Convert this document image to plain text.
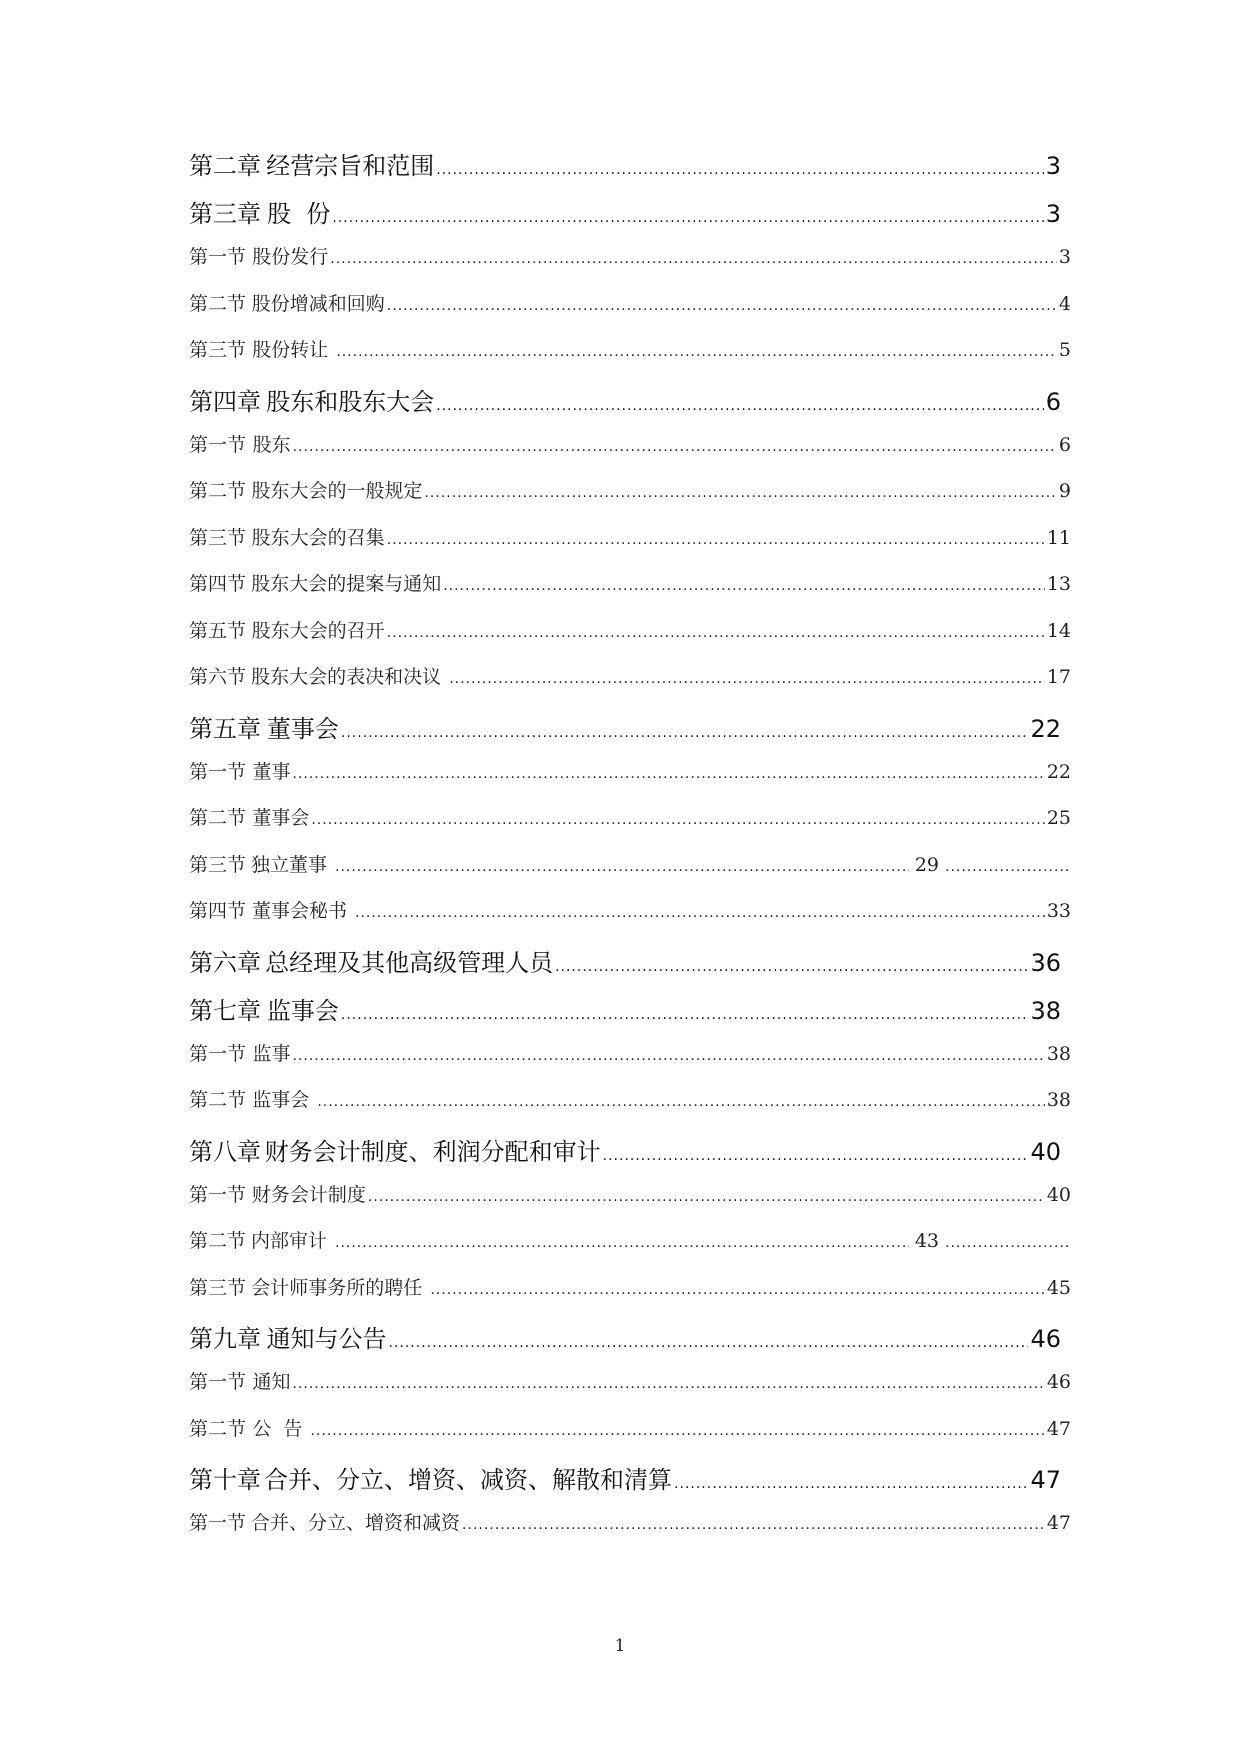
第二章 经营宗旨和范围 .....	3
第三章 股  份 .....	3
第一节 股份发行 .....	3
第二节 股份增减和回购 .....	4
第三节 股份转让 .....	5
第四章 股东和股东大会 .....	6
第一节 股东 .....	6
第二节 股东大会的一般规定 .....	9
第三节 股东大会的召集 .....	11
第四节 股东大会的提案与通知 .....	13
第五节 股东大会的召开 .....	14
第六节 股东大会的表决和决议 .....	17
第五章 董事会 .....	22
第一节 董事 .....	22
第二节 董事会 .....	25
第三节 独立董事 .....	29
.....
第四节 董事会秘书 .....	33
第六章 总经理及其他高级管理人员 .....	36
第七章 监事会 .....	38
第一节 监事 .....	38
第二节 监事会 .....	38
第八章 财务会计制度、利润分配和审计 .....	40
第一节 财务会计制度 .....	40
第二节 内部审计 .....	43
.....
第三节 会计师事务所的聘任 .....	45
第九章 通知与公告 .....	46
第一节 通知 .....	46
第二节 公  告 .....	47
第十章 合并、分立、增资、减资、解散和清算 .....	47
第一节 合并、分立、增资和减资 .....	47
1
